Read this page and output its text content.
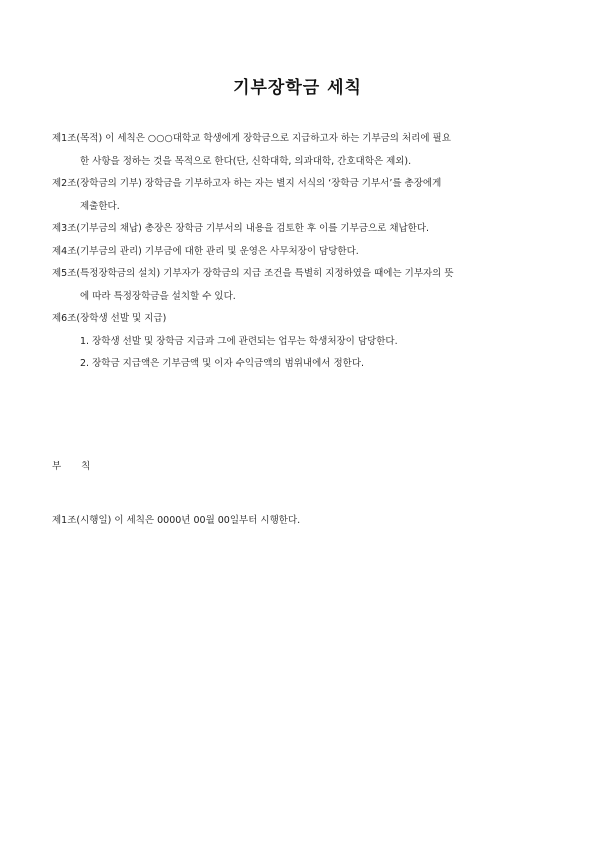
기부장학금 세칙

제1조(목적) 이 세칙은 ○○○대학교 학생에게 장학금으로 지급하고자 하는 기부금의 처리에 필요
한 사항을 정하는 것을 목적으로 한다(단, 신학대학, 의과대학, 간호대학은 제외).

제2조(장학금의 기부) 장학금을 기부하고자 하는 자는 별지 서식의 ‘장학금 기부서’를 총장에게
제출한다.

제3조(기부금의 채납) 총장은 장학금 기부서의 내용을 검토한 후 이를 기부금으로 채납한다.

제4조(기부금의 관리) 기부금에 대한 관리 및 운영은 사무처장이 담당한다.

제5조(특정장학금의 설치) 기부자가 장학금의 지급 조건을 특별히 지정하였을 때에는 기부자의 뜻
에 따라 특정장학금을 설치할 수 있다.

제6조(장학생 선발 및 지급)

1. 장학생 선발 및 장학금 지급과 그에 관련되는 업무는 학생처장이 담당한다.

2. 장학금 지급액은 기부금액 및 이자 수익금액의 범위내에서 정한다.

부칙
제1조(시행일) 이 세칙은 0000년 00월 00일부터 시행한다.
